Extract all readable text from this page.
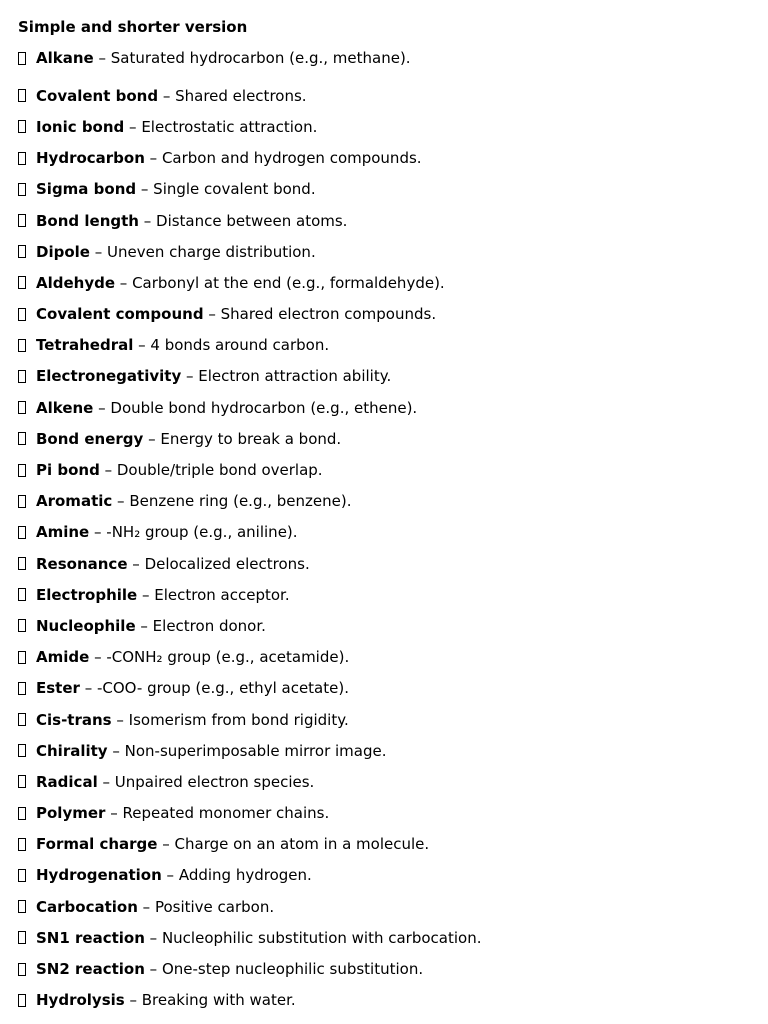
Simple and shorter version
Alkane – Saturated hydrocarbon (e.g., methane).
Covalent bond – Shared electrons.
Ionic bond – Electrostatic attraction.
Hydrocarbon – Carbon and hydrogen compounds.
Sigma bond – Single covalent bond.
Bond length – Distance between atoms.
Dipole – Uneven charge distribution.
Aldehyde – Carbonyl at the end (e.g., formaldehyde).
Covalent compound – Shared electron compounds.
Tetrahedral – 4 bonds around carbon.
Electronegativity – Electron attraction ability.
Alkene – Double bond hydrocarbon (e.g., ethene).
Bond energy – Energy to break a bond.
Pi bond – Double/triple bond overlap.
Aromatic – Benzene ring (e.g., benzene).
Amine – -NH₂ group (e.g., aniline).
Resonance – Delocalized electrons.
Electrophile – Electron acceptor.
Nucleophile – Electron donor.
Amide – -CONH₂ group (e.g., acetamide).
Ester – -COO- group (e.g., ethyl acetate).
Cis-trans – Isomerism from bond rigidity.
Chirality – Non-superimposable mirror image.
Radical – Unpaired electron species.
Polymer – Repeated monomer chains.
Formal charge – Charge on an atom in a molecule.
Hydrogenation – Adding hydrogen.
Carbocation – Positive carbon.
SN1 reaction – Nucleophilic substitution with carbocation.
SN2 reaction – One-step nucleophilic substitution.
Hydrolysis – Breaking with water.
